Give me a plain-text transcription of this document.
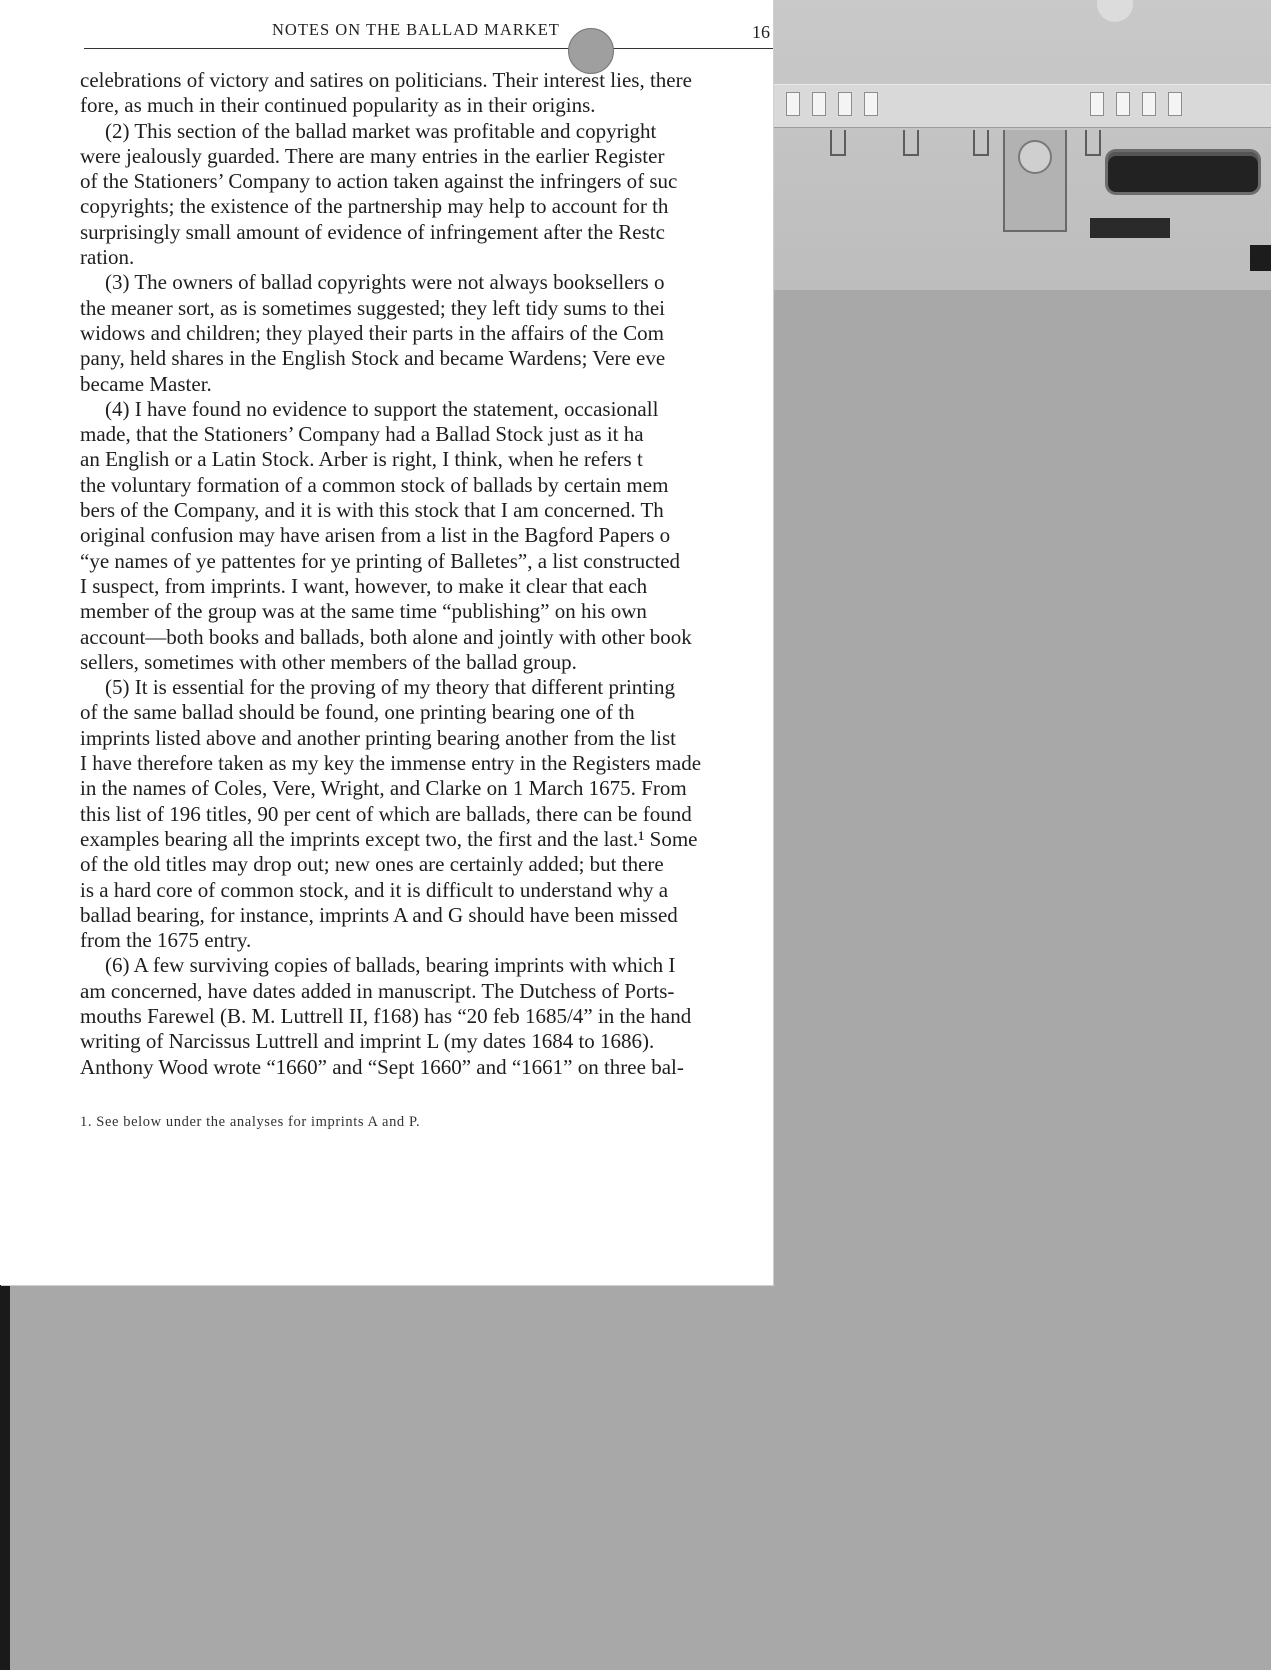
NOTES ON THE BALLAD MARKET	16
celebrations of victory and satires on politicians. Their interest lies, there
fore, as much in their continued popularity as in their origins.
(2) This section of the ballad market was profitable and copyright
were jealously guarded. There are many entries in the earlier Register
of the Stationers’ Company to action taken against the infringers of suc
copyrights; the existence of the partnership may help to account for th
surprisingly small amount of evidence of infringement after the Restc
ration.
(3) The owners of ballad copyrights were not always booksellers o
the meaner sort, as is sometimes suggested; they left tidy sums to thei
widows and children; they played their parts in the affairs of the Com
pany, held shares in the English Stock and became Wardens; Vere eve
became Master.
(4) I have found no evidence to support the statement, occasionall
made, that the Stationers’ Company had a Ballad Stock just as it ha
an English or a Latin Stock. Arber is right, I think, when he refers t
the voluntary formation of a common stock of ballads by certain mem
bers of the Company, and it is with this stock that I am concerned. Th
original confusion may have arisen from a list in the Bagford Papers o
“ye names of ye pattentes for ye printing of Balletes”, a list constructed
I suspect, from imprints. I want, however, to make it clear that each
member of the group was at the same time “publishing” on his own
account—both books and ballads, both alone and jointly with other book
sellers, sometimes with other members of the ballad group.
(5) It is essential for the proving of my theory that different printing
of the same ballad should be found, one printing bearing one of th
imprints listed above and another printing bearing another from the list
I have therefore taken as my key the immense entry in the Registers made
in the names of Coles, Vere, Wright, and Clarke on 1 March 1675. From
this list of 196 titles, 90 per cent of which are ballads, there can be found
examples bearing all the imprints except two, the first and the last.¹ Some
of the old titles may drop out; new ones are certainly added; but there
is a hard core of common stock, and it is difficult to understand why a
ballad bearing, for instance, imprints A and G should have been missed
from the 1675 entry.
(6) A few surviving copies of ballads, bearing imprints with which I
am concerned, have dates added in manuscript. The Dutchess of Ports-
mouths Farewel (B. M. Luttrell II, f168) has “20 feb 1685/4” in the hand
writing of Narcissus Luttrell and imprint L (my dates 1684 to 1686).
Anthony Wood wrote “1660” and “Sept 1660” and “1661” on three bal-
1. See below under the analyses for imprints A and P.
